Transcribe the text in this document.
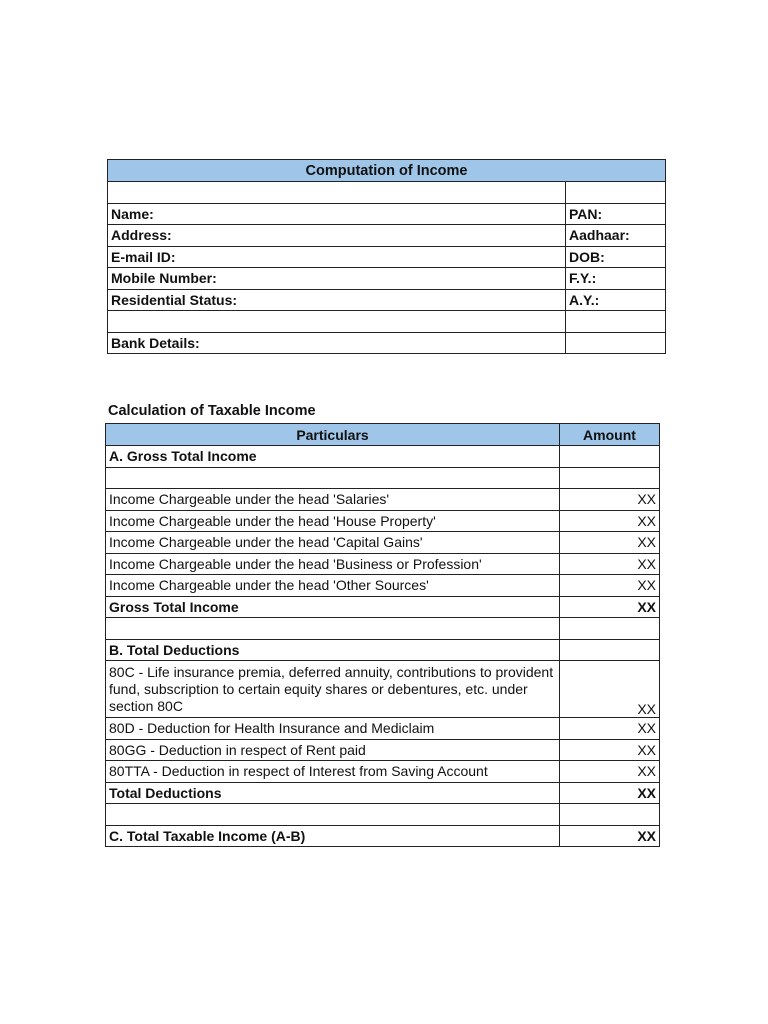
Computation of Income	

Name:	PAN:
Address:	Aadhaar:
E-mail ID:	DOB:
Mobile Number:	F.Y.:
Residential Status:	A.Y.:

Bank Details:	

Calculation of Taxable Income

Particulars	Amount
A. Gross Total Income	

Income Chargeable under the head 'Salaries'	XX
Income Chargeable under the head 'House Property'	XX
Income Chargeable under the head 'Capital Gains'	XX
Income Chargeable under the head 'Business or Profession'	XX
Income Chargeable under the head 'Other Sources'	XX
Gross Total Income	XX

B. Total Deductions	
80C - Life insurance premia, deferred annuity, contributions to provident fund, subscription to certain equity shares or debentures, etc. under section 80C	XX
80D - Deduction for Health Insurance and Mediclaim	XX
80GG - Deduction in respect of Rent paid	XX
80TTA - Deduction in respect of Interest from Saving Account	XX
Total Deductions	XX

C. Total Taxable Income (A-B)	XX
